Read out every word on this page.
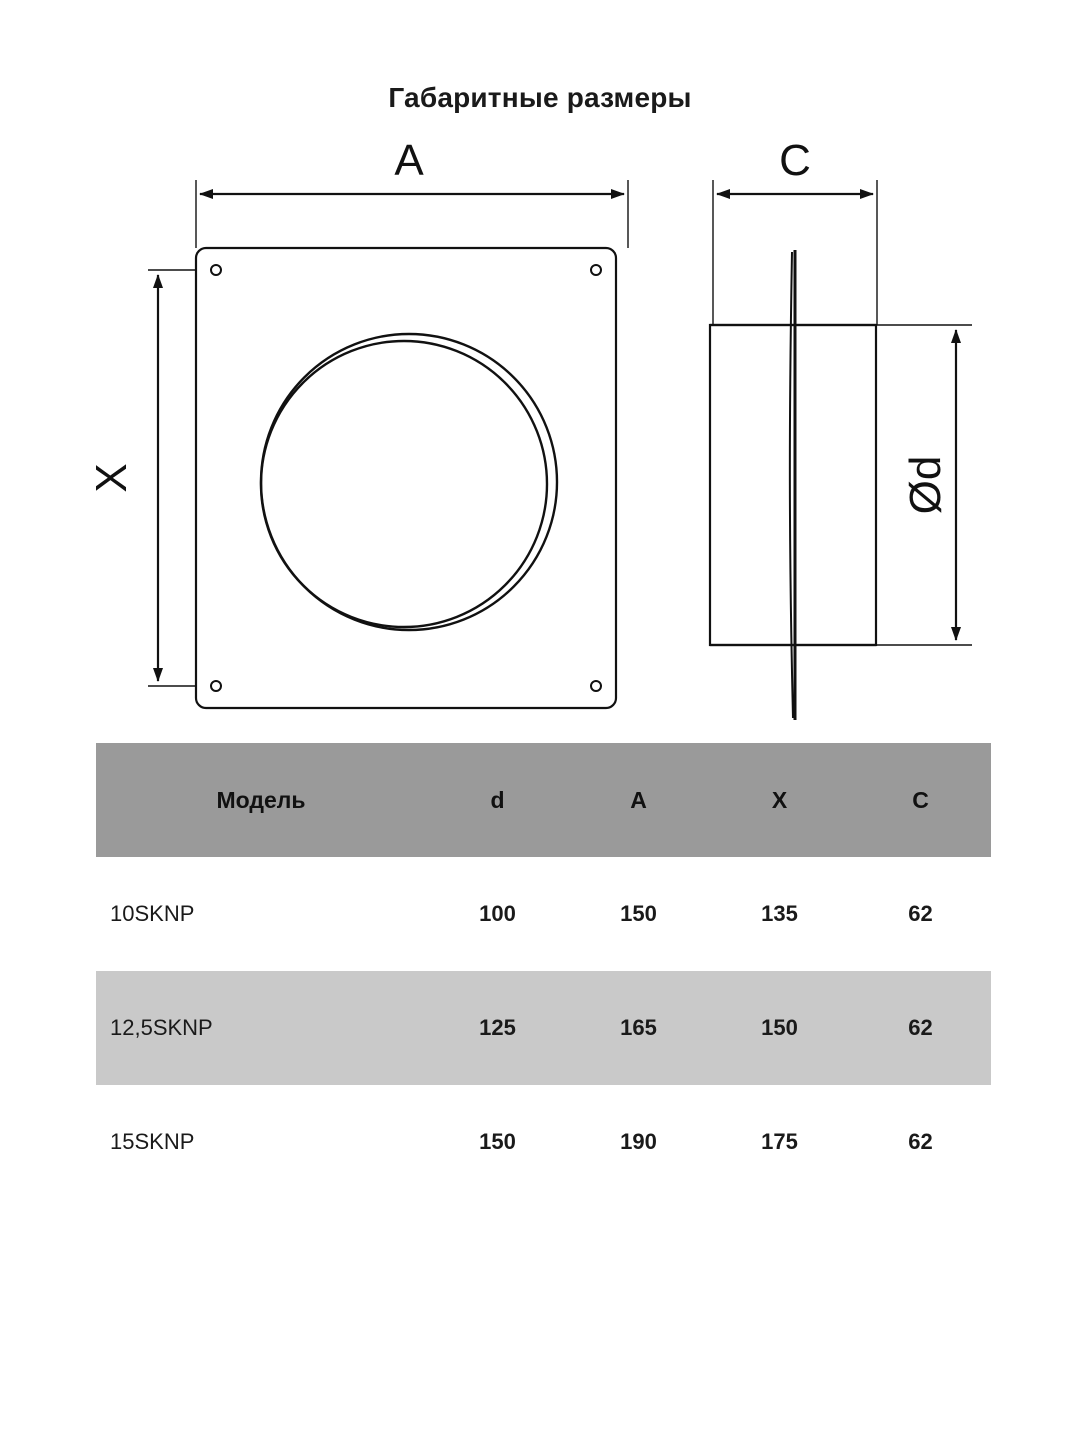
Габаритные размеры
A	C
X	Ød
Модель	d	A	X	C
10SKNP	100	150	135	62
12,5SKNP	125	165	150	62
15SKNP	150	190	175	62
